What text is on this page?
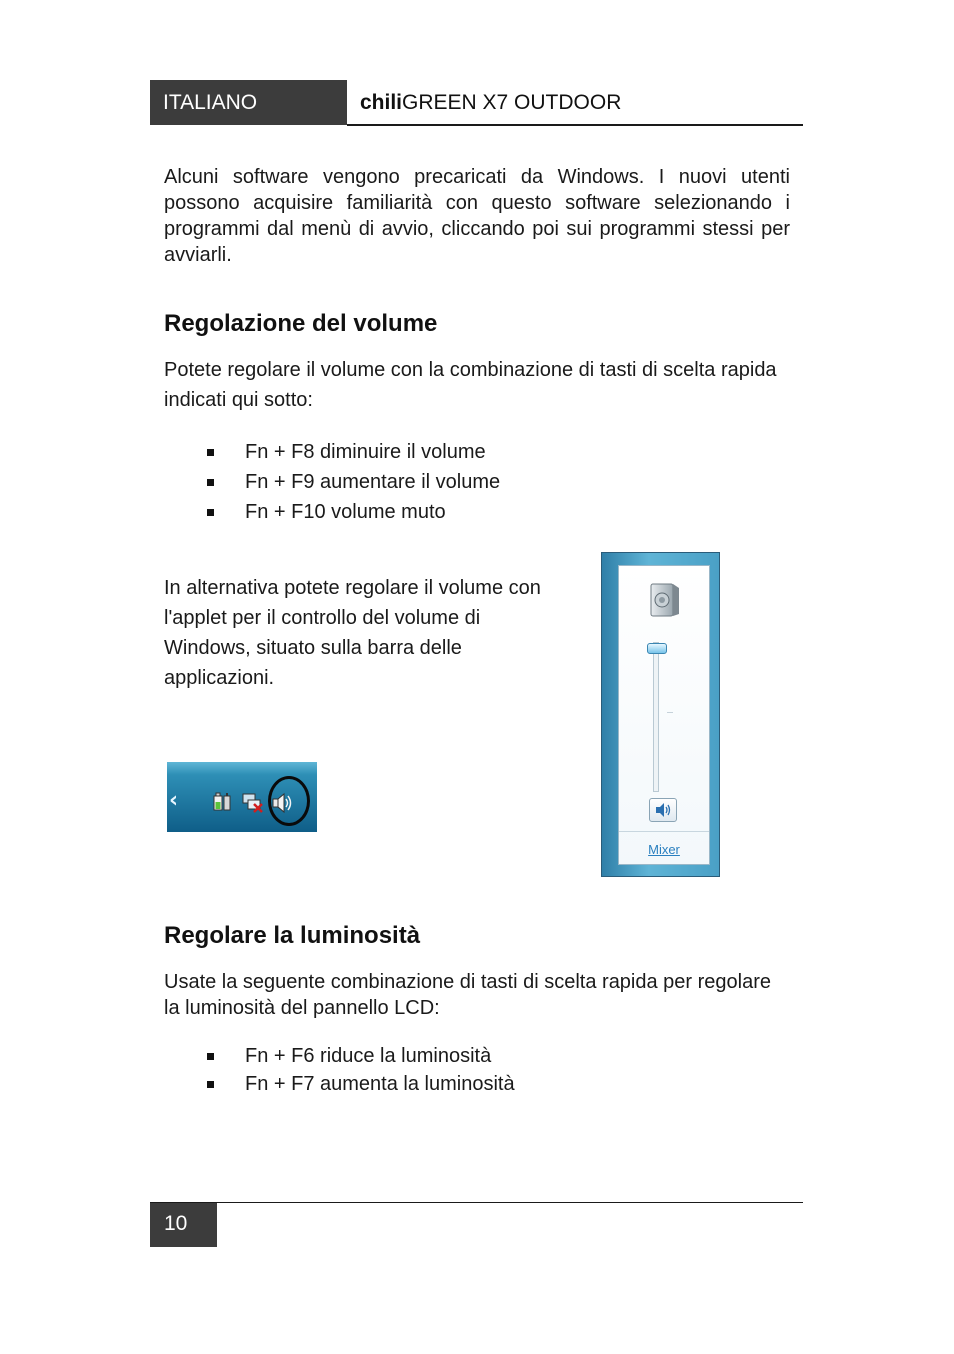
ITALIANO	chiliGREEN X7 OUTDOOR
Alcuni software vengono precaricati da Windows. I nuovi utenti possono acquisire familiarità con questo software selezionando i programmi dal menù di avvio, cliccando poi sui programmi stessi per avviarli.
Regolazione del volume
Potete regolare il volume con la combinazione di tasti di scelta rapida indicati qui sotto:
Fn + F8 diminuire il volume
Fn + F9 aumentare il volume
Fn + F10 volume muto
In alternativa potete regolare il volume con
l'applet per il controllo del volume di
Windows, situato sulla barra delle
applicazioni.
‹
Mixer
Regolare la luminosità
Usate la seguente combinazione di tasti di scelta rapida per regolare la luminosità del pannello LCD:
Fn + F6 riduce la luminosità
Fn + F7 aumenta la luminosità
10
